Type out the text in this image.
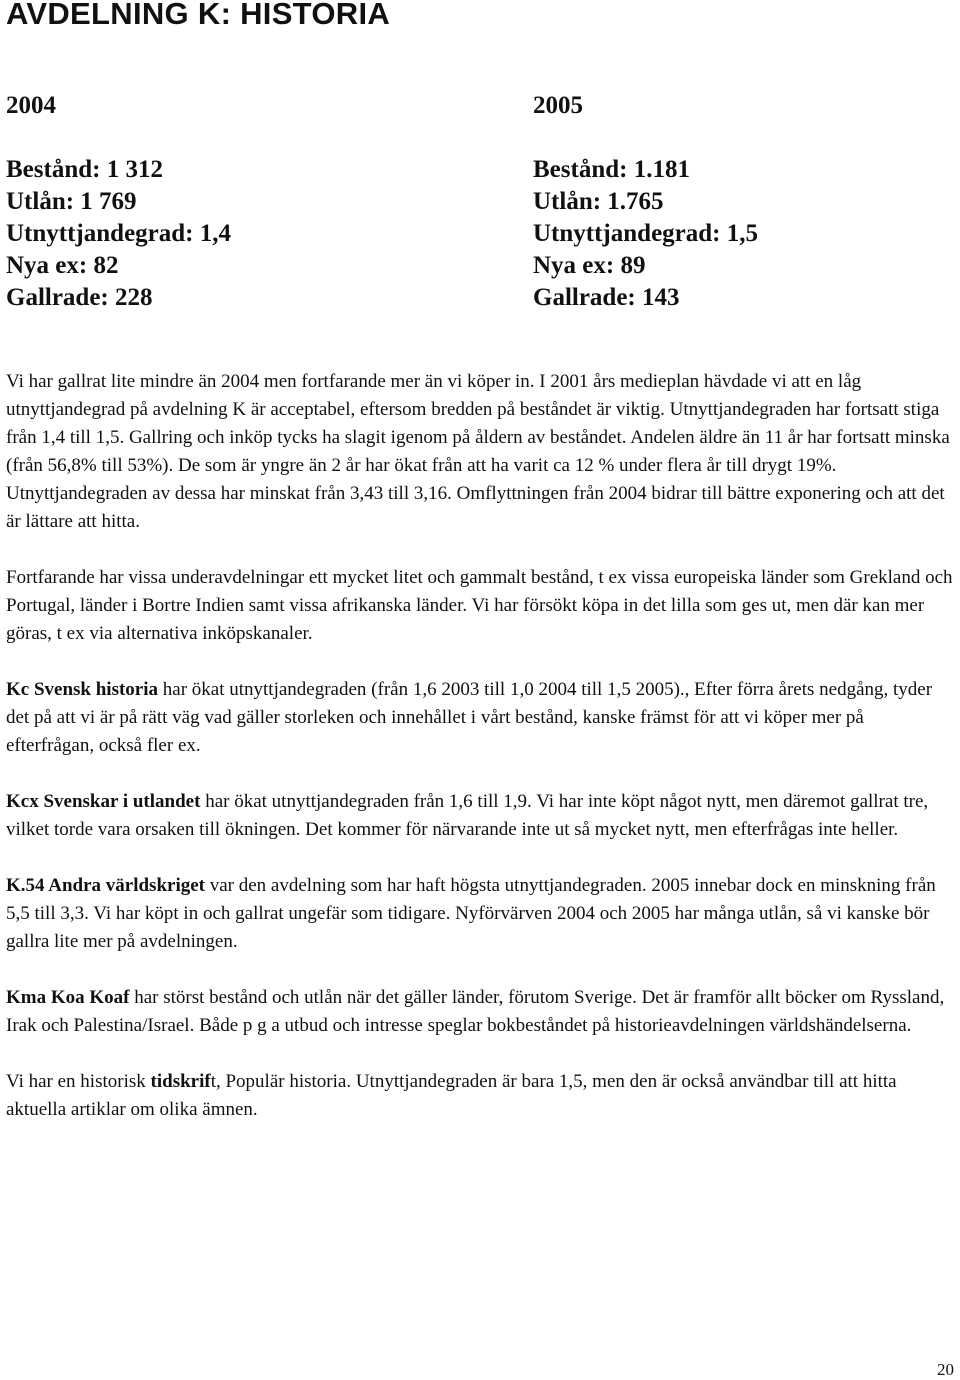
AVDELNING K: HISTORIA
2004
Bestånd: 1 312
Utlån: 1 769
Utnyttjandegrad: 1,4
Nya ex: 82
Gallrade: 228
2005
Bestånd: 1.181
Utlån: 1.765
Utnyttjandegrad: 1,5
Nya ex: 89
Gallrade: 143

Vi har gallrat lite mindre än 2004 men fortfarande mer än vi köper in. I 2001 års medieplan hävdade vi att en låg utnyttjandegrad på avdelning K är acceptabel, eftersom bredden på beståndet är viktig. Utnyttjandegraden har fortsatt stiga från 1,4 till 1,5. Gallring och inköp tycks ha slagit igenom på åldern av beståndet. Andelen äldre än 11 år har fortsatt minska (från 56,8% till 53%). De som är yngre än 2 år har ökat från att ha varit ca 12 % under flera år till drygt 19%. Utnyttjandegraden av dessa har minskat från 3,43 till 3,16. Omflyttningen från 2004 bidrar till bättre exponering och att det är lättare att hitta.

Fortfarande har vissa underavdelningar ett mycket litet och gammalt bestånd, t ex vissa europeiska länder som Grekland och Portugal, länder i Bortre Indien samt vissa afrikanska länder. Vi har försökt köpa in det lilla som ges ut, men där kan mer göras, t ex via alternativa inköpskanaler.

Kc Svensk historia har ökat utnyttjandegraden (från 1,6 2003 till 1,0 2004 till 1,5 2005)., Efter förra årets nedgång, tyder det på att vi är på rätt väg vad gäller storleken och innehållet i vårt bestånd, kanske främst för att vi köper mer på efterfrågan, också fler ex.

Kcx Svenskar i utlandet har ökat utnyttjandegraden från 1,6 till 1,9. Vi har inte köpt något nytt, men däremot gallrat tre, vilket torde vara orsaken till ökningen. Det kommer för närvarande inte ut så mycket nytt, men efterfrågas inte heller.

K.54 Andra världskriget var den avdelning som har haft högsta utnyttjandegraden. 2005 innebar dock en minskning från 5,5 till 3,3. Vi har köpt in och gallrat ungefär som tidigare. Nyförvärven 2004 och 2005 har många utlån, så vi kanske bör gallra lite mer på avdelningen.

Kma Koa Koaf har störst bestånd och utlån när det gäller länder, förutom Sverige. Det är framför allt böcker om Ryssland, Irak och Palestina/Israel. Både p g a utbud och intresse speglar bokbeståndet på historieavdelningen världshändelserna.

Vi har en historisk tidskrift, Populär historia. Utnyttjandegraden är bara 1,5, men den är också användbar till att hitta aktuella artiklar om olika ämnen.

20
